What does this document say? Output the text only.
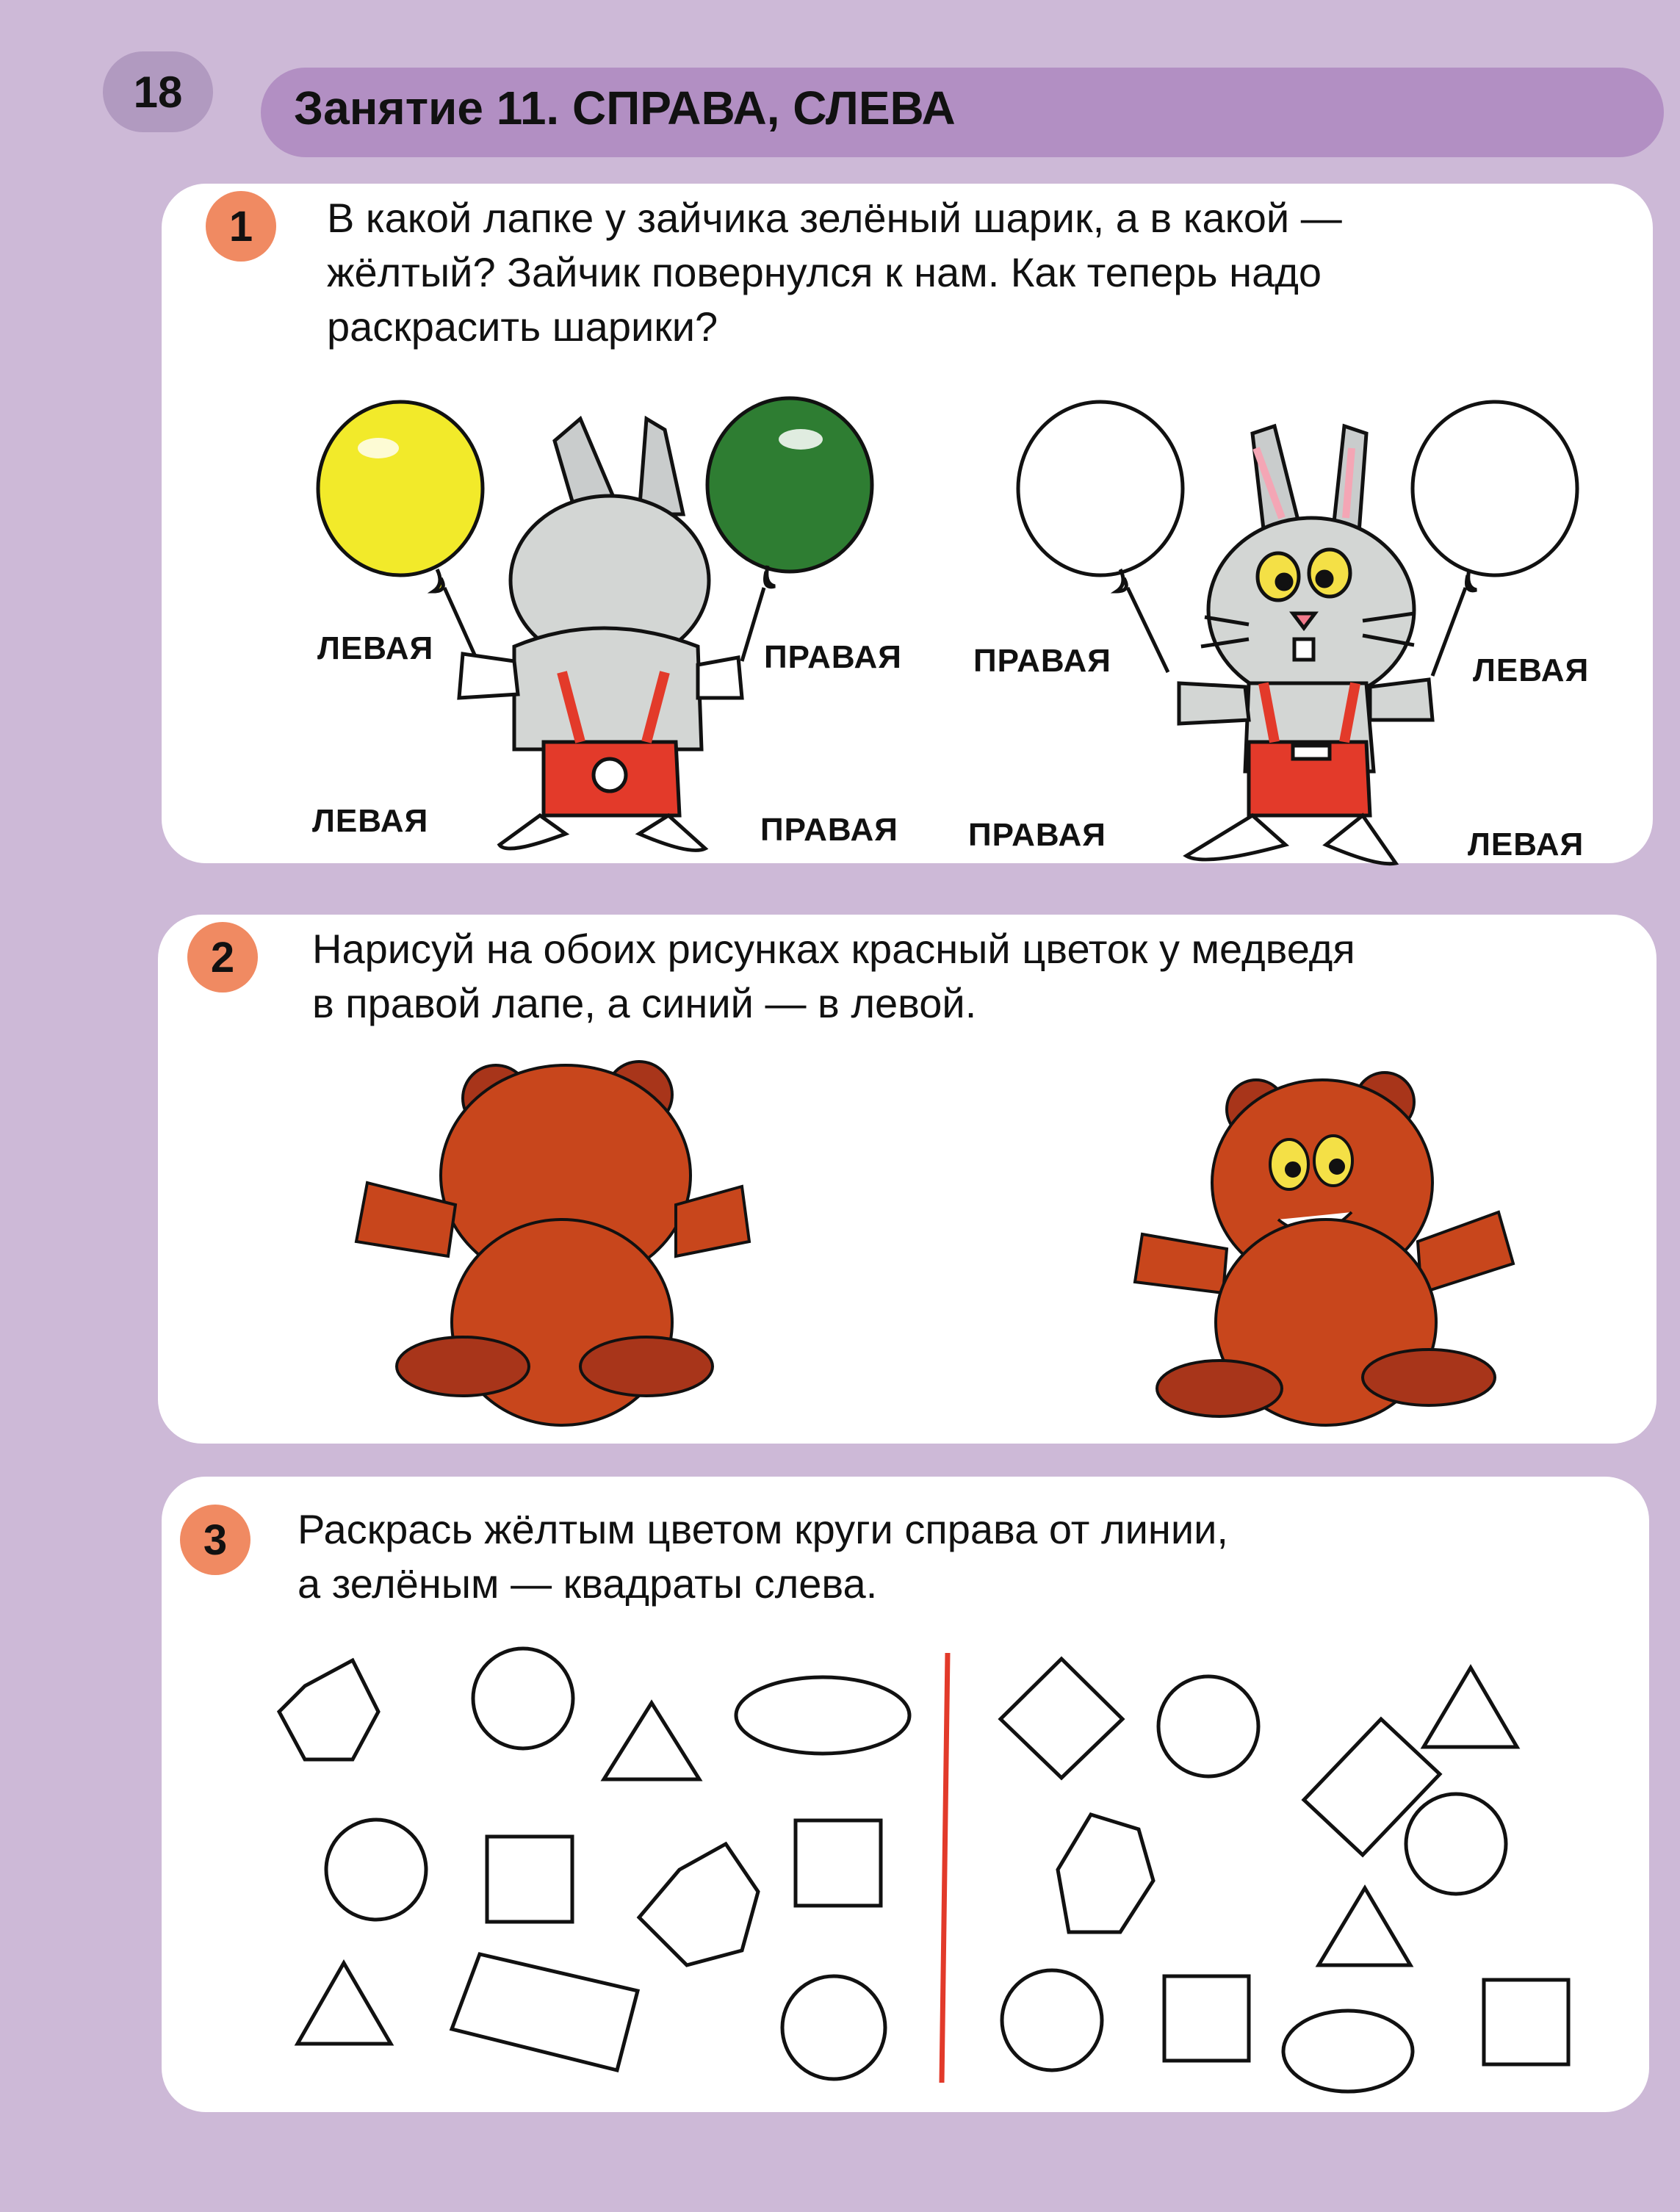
18	Занятие 11. СПРАВА, СЛЕВА
1	В какой лапке у зайчика зелёный шарик, а в какой —
жёлтый? Зайчик повернулся к нам. Как теперь надо
раскрасить шарики?
ЛЕВАЯ	ПРАВАЯ
ЛЕВАЯ	ПРАВАЯ
ПРАВАЯ	ЛЕВАЯ
ПРАВАЯ	ЛЕВАЯ
2	Нарисуй на обоих рисунках красный цветок у медведя
в правой лапе, а синий — в левой.
3	Раскрась жёлтым цветом круги справа от линии,
а зелёным — квадраты слева.
